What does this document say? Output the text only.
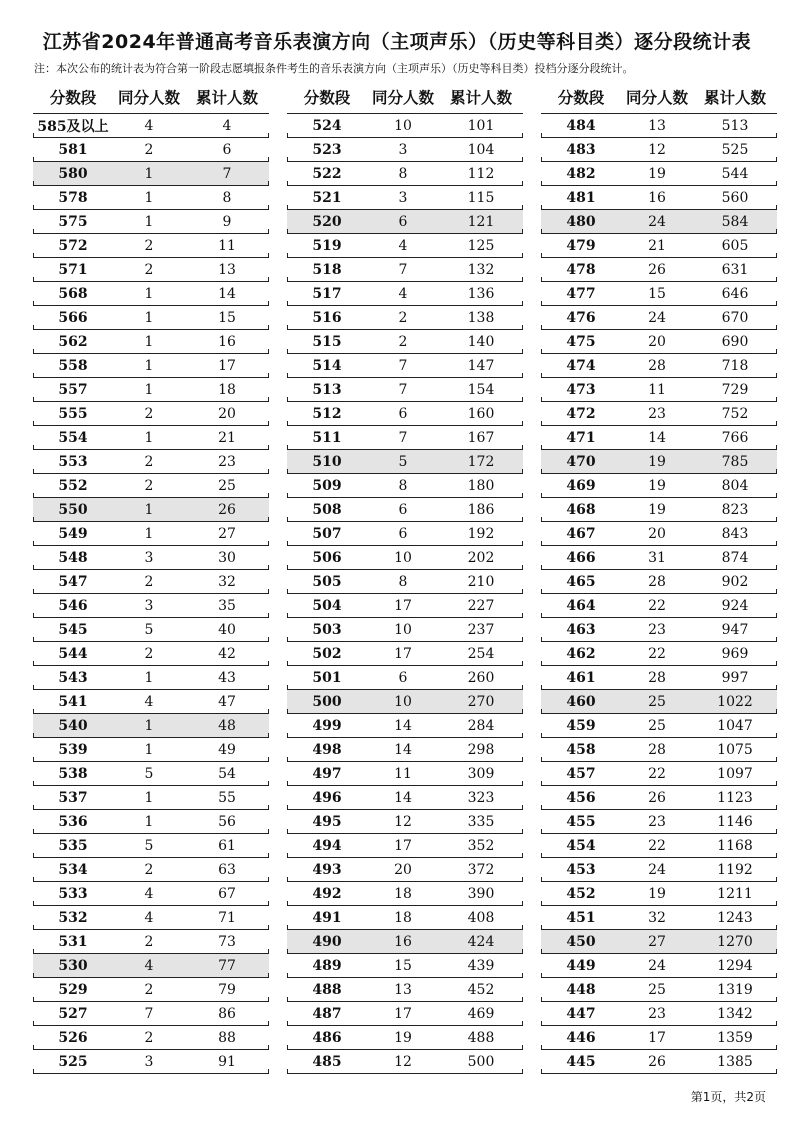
江苏省2024年普通高考音乐表演方向（主项声乐）（历史等科目类）逐分段统计表
注：本次公布的统计表为符合第一阶段志愿填报条件考生的音乐表演方向（主项声乐）（历史等科目类）投档分逐分段统计。
分数段	同分人数	累计人数
585及以上	4	4
581	2	6
580	1	7
578	1	8
575	1	9
572	2	11
571	2	13
568	1	14
566	1	15
562	1	16
558	1	17
557	1	18
555	2	20
554	1	21
553	2	23
552	2	25
550	1	26
549	1	27
548	3	30
547	2	32
546	3	35
545	5	40
544	2	42
543	1	43
541	4	47
540	1	48
539	1	49
538	5	54
537	1	55
536	1	56
535	5	61
534	2	63
533	4	67
532	4	71
531	2	73
530	4	77
529	2	79
527	7	86
526	2	88
525	3	91
分数段	同分人数	累计人数
524	10	101
523	3	104
522	8	112
521	3	115
520	6	121
519	4	125
518	7	132
517	4	136
516	2	138
515	2	140
514	7	147
513	7	154
512	6	160
511	7	167
510	5	172
509	8	180
508	6	186
507	6	192
506	10	202
505	8	210
504	17	227
503	10	237
502	17	254
501	6	260
500	10	270
499	14	284
498	14	298
497	11	309
496	14	323
495	12	335
494	17	352
493	20	372
492	18	390
491	18	408
490	16	424
489	15	439
488	13	452
487	17	469
486	19	488
485	12	500
分数段	同分人数	累计人数
484	13	513
483	12	525
482	19	544
481	16	560
480	24	584
479	21	605
478	26	631
477	15	646
476	24	670
475	20	690
474	28	718
473	11	729
472	23	752
471	14	766
470	19	785
469	19	804
468	19	823
467	20	843
466	31	874
465	28	902
464	22	924
463	23	947
462	22	969
461	28	997
460	25	1022
459	25	1047
458	28	1075
457	22	1097
456	26	1123
455	23	1146
454	22	1168
453	24	1192
452	19	1211
451	32	1243
450	27	1270
449	24	1294
448	25	1319
447	23	1342
446	17	1359
445	26	1385
第1页，共2页
